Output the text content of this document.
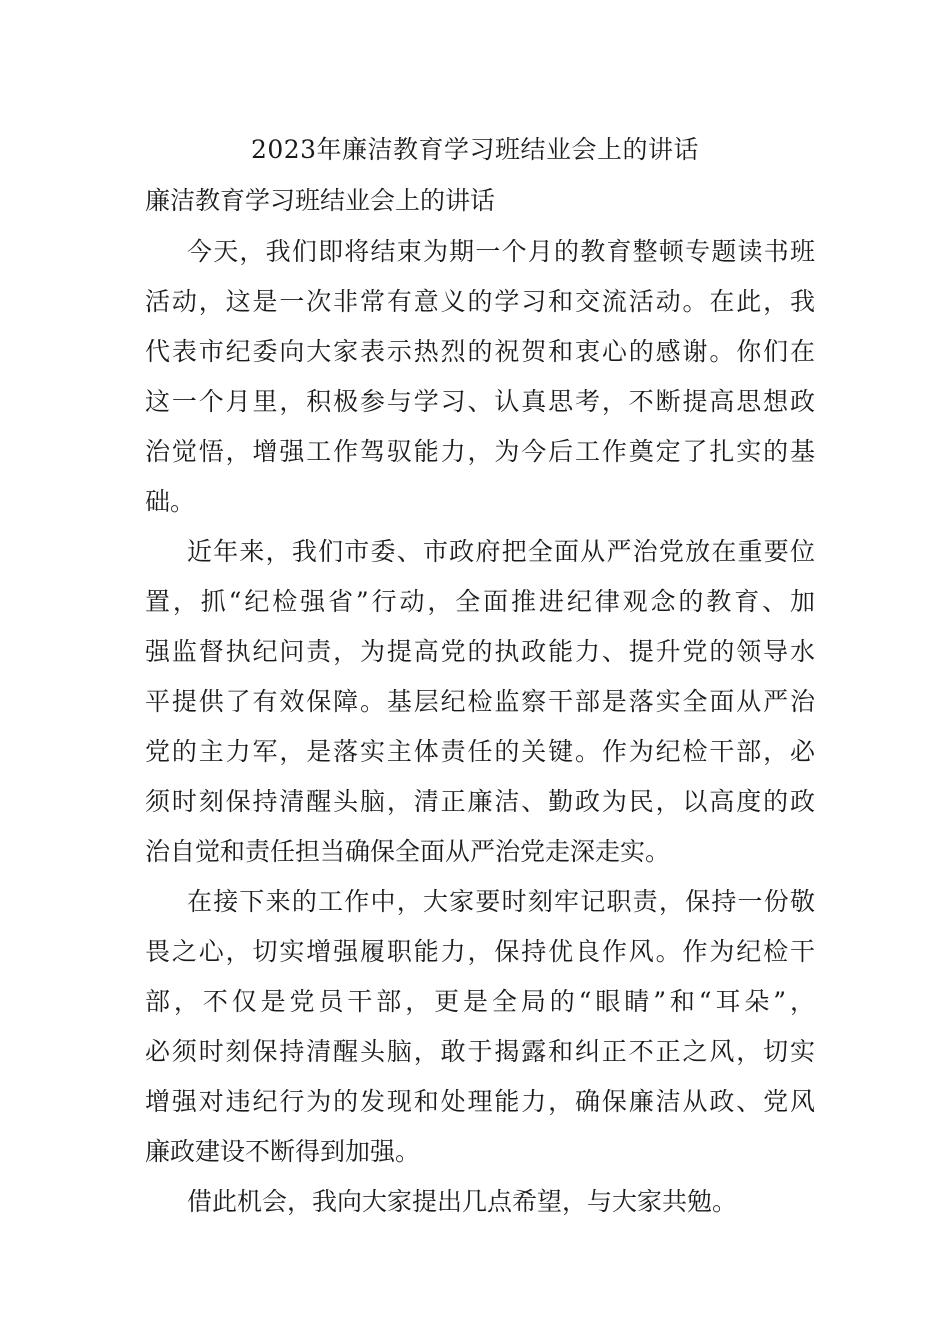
2023年廉洁教育学习班结业会上的讲话
廉洁教育学习班结业会上的讲话
今天，我们即将结束为期一个月的教育整顿专题读书班
活动，这是一次非常有意义的学习和交流活动。在此，我
代表市纪委向大家表示热烈的祝贺和衷心的感谢。你们在
这一个月里，积极参与学习、认真思考，不断提高思想政
治觉悟，增强工作驾驭能力，为今后工作奠定了扎实的基
础。
近年来，我们市委、市政府把全面从严治党放在重要位
置，抓“纪检强省”行动，全面推进纪律观念的教育、加
强监督执纪问责，为提高党的执政能力、提升党的领导水
平提供了有效保障。基层纪检监察干部是落实全面从严治
党的主力军，是落实主体责任的关键。作为纪检干部，必
须时刻保持清醒头脑，清正廉洁、勤政为民，以高度的政
治自觉和责任担当确保全面从严治党走深走实。
在接下来的工作中，大家要时刻牢记职责，保持一份敬
畏之心，切实增强履职能力，保持优良作风。作为纪检干
部，不仅是党员干部，更是全局的“眼睛”和“耳朵”，
必须时刻保持清醒头脑，敢于揭露和纠正不正之风，切实
增强对违纪行为的发现和处理能力，确保廉洁从政、党风
廉政建设不断得到加强。
借此机会，我向大家提出几点希望，与大家共勉。
